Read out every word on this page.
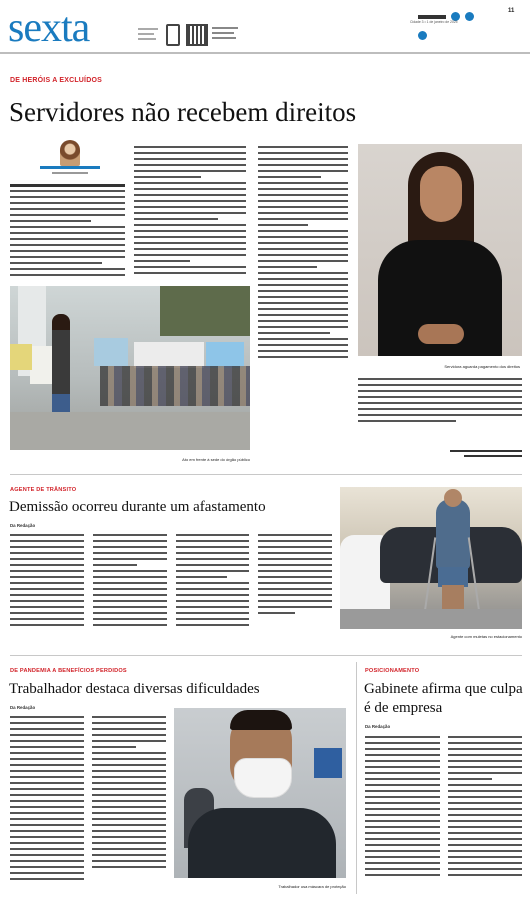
sexta
	Cidade 3 • 1 de janeiro de 2025
11
DE HERÓIS A EXCLUÍDOS
Servidores não recebem direitos
Servidora aguarda pagamento dos direitos
Ato em frente à sede do órgão público
AGENTE DE TRÂNSITO
Demissão ocorreu durante um afastamento
Da Redação
Agente com muletas no estacionamento
DE PANDEMIA A BENEFÍCIOS PERDIDOS
Trabalhador destaca diversas dificuldades
Da Redação
Trabalhador usa máscara de proteção
POSICIONAMENTO
Gabinete afirma que culpa é de empresa
Da Redação
